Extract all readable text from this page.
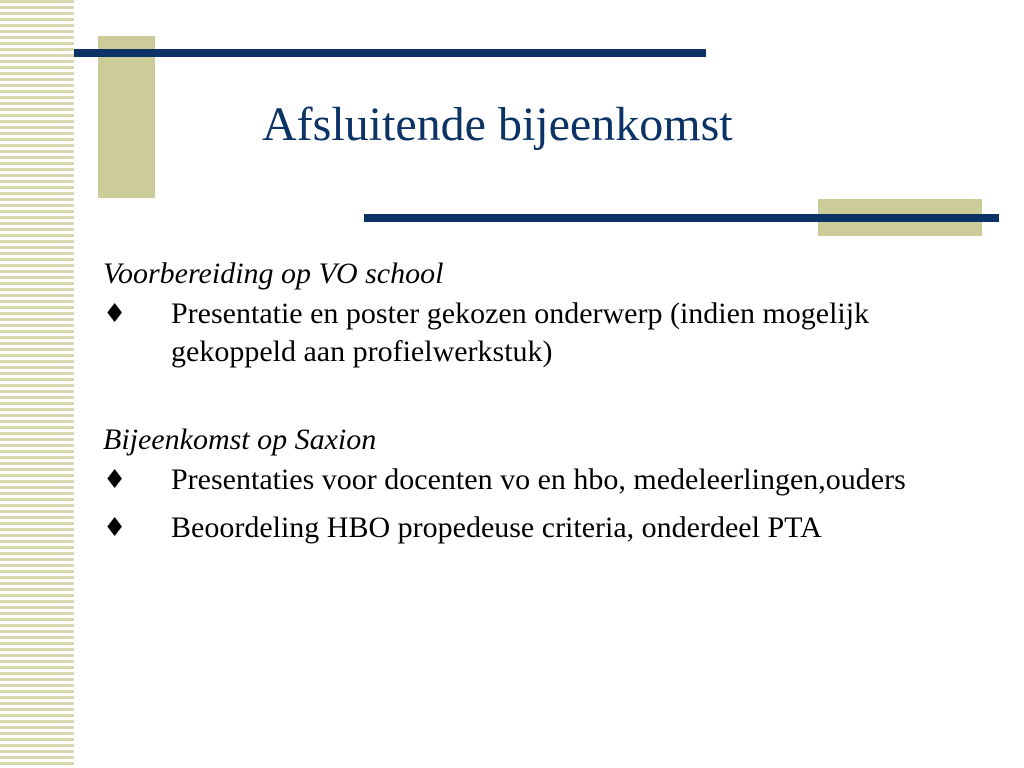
Afsluitende bijeenkomst
Voorbereiding op VO school
♦ Presentatie en poster gekozen onderwerp (indien mogelijk gekoppeld aan profielwerkstuk)
Bijeenkomst op Saxion
♦ Presentaties voor docenten vo en hbo, medeleerlingen,ouders
♦ Beoordeling HBO propedeuse criteria, onderdeel PTA
